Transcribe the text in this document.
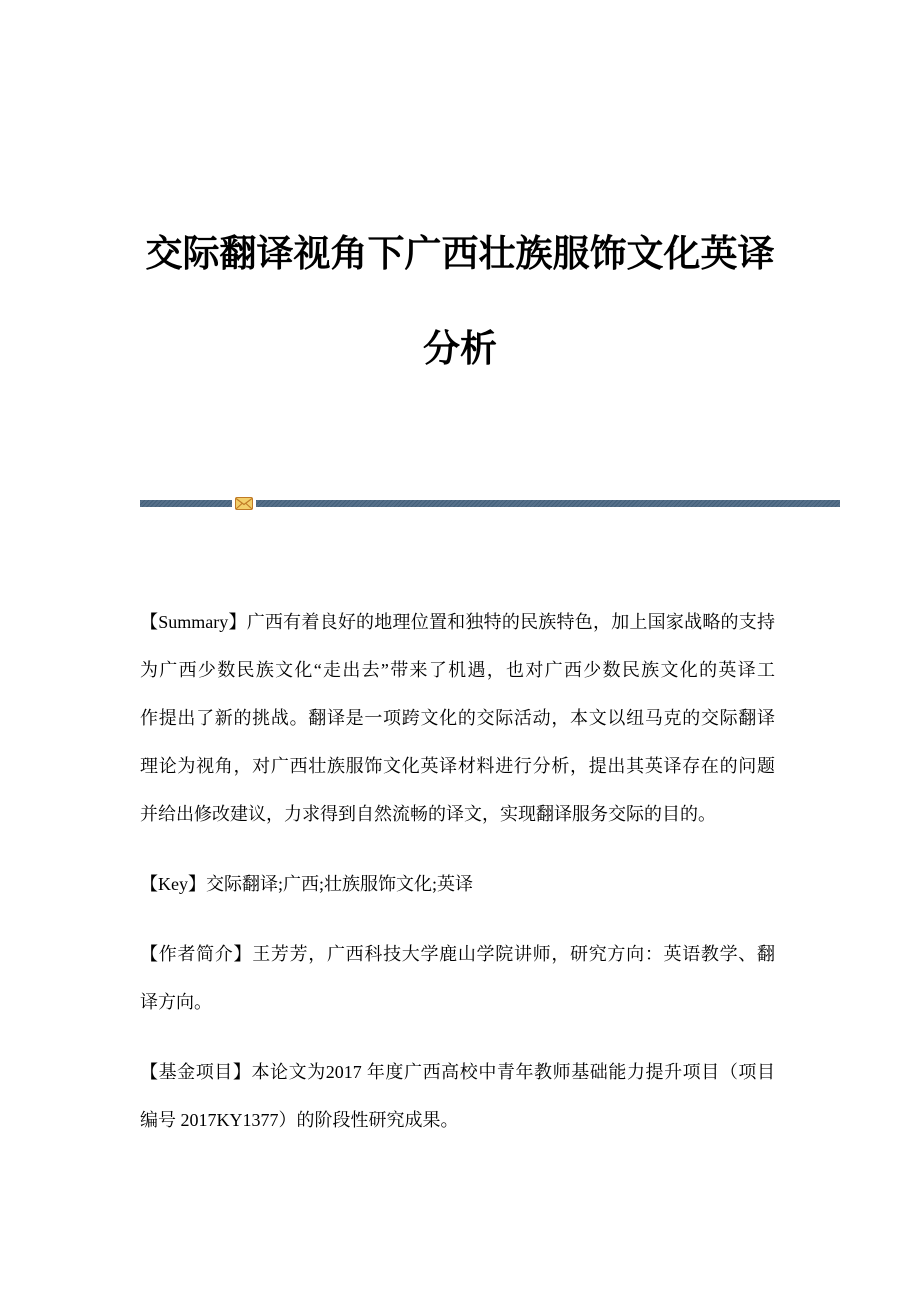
交际翻译视角下广西壮族服饰文化英译
分析
【Summary】广西有着良好的地理位置和独特的民族特色，加上国家战略的支持
为广西少数民族文化“走出去”带来了机遇，也对广西少数民族文化的英译工
作提出了新的挑战。翻译是一项跨文化的交际活动，本文以纽马克的交际翻译
理论为视角，对广西壮族服饰文化英译材料进行分析，提出其英译存在的问题
并给出修改建议，力求得到自然流畅的译文，实现翻译服务交际的目的。
【Key】交际翻译;广西;壮族服饰文化;英译
【作者简介】王芳芳，广西科技大学鹿山学院讲师，研究方向：英语教学、翻
译方向。
【基金项目】本论文为2017 年度广西高校中青年教师基础能力提升项目（项目
编号 2017KY1377）的阶段性研究成果。
